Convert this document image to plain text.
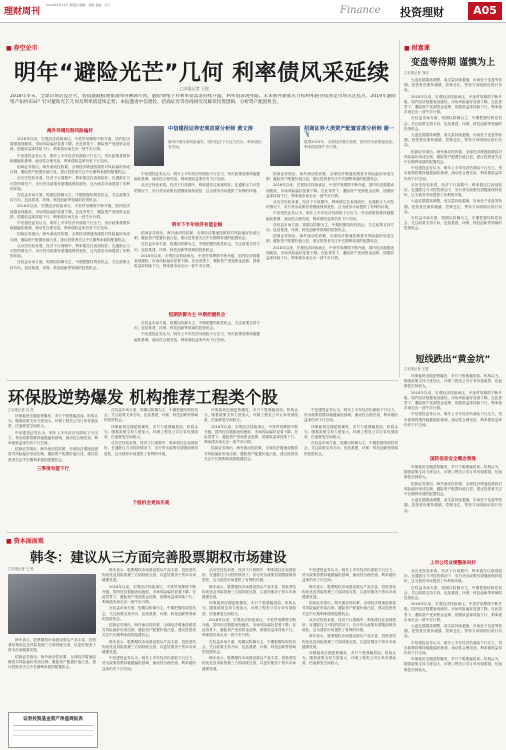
理财周刊
2018年6月14日 星期四 编辑：刘娟 美编：马万	Finance 投资理财	A05
■ 券空论市
明年“避险光芒”几何 利率债风采延续
□本报记者 王锐
2018年岁末，全球市场话没过火，股债跷跷板现象演绎得淋漓尽致。避险情绪下对利率债需求持续升温，利率债表现亮眼。未来海外通胀压力和利率路径依然是市场关注焦点，2019年避险资产如何布局？针对避险光芒几何及利率债延续走势，本报邀请中信建投、招商证券等券商研究员解读投资逻辑，分析资产配置机会。
海外环境压制风险偏好

2018年以来，宏观经济持续承压，中美贸易摩擦不断升级，国内经济数据表现疲软，市场风险偏好显著下降。在此背景下，避险资产受到资金追捧，国债收益率持续下行，利率债市场走出一波牛市行情。

中信建投证券认为，明年上半年经济仍面临下行压力，货币政策将维持稳健偏松基调，流动性合理充裕，利率债收益率仍有下行空间。

招商证券指出，海外流动性收紧、全球经济增速放缓将对风险偏好形成压制，避险资产配置价值凸显，建议投资者关注中长期利率债的配置机会。

从历史经验来看，经济下行周期中，利率债往往表现较好。在通胀压力可控的情况下，央行货币政策有望继续保持宽松，这为债券市场提供了有利的环境。

在权益市场方面，短期以防御为主，中期把握结构性机会，关注政策支持方向，包括基建、环保、科技创新等领域的投资机会。

2018年以来，宏观经济持续承压，中美贸易摩擦不断升级，国内经济数据表现疲软，市场风险偏好显著下降。在此背景下，避险资产受到资金追捧，国债收益率持续下行，利率债市场走出一波牛市行情。

中信建投证券认为，明年上半年经济仍面临下行压力，货币政策将维持稳健偏松基调，流动性合理充裕，利率债收益率仍有下行空间。

招商证券指出，海外流动性收紧、全球经济增速放缓将对风险偏好形成压制，避险资产配置价值凸显，建议投资者关注中长期利率债的配置机会。

从历史经验来看，经济下行周期中，利率债往往表现较好。在通胀压力可控的情况下，央行货币政策有望继续保持宽松，这为债券市场提供了有利的环境。

在权益市场方面，短期以防御为主，中期把握结构性机会，关注政策支持方向，包括基建、环保、科技创新等领域的投资机会。

中信建投证券宏观首席分析师 黄文涛
海外环境压制风险偏好，国内经济下行压力仍存，利率债仍有空间。
招商证券大类资产配置首席分析师 谢一飞
展望2019年，全球经济增长放缓，国内货币政策偏宽松，利率债延续牛市行情。

中信建投证券认为，明年上半年经济仍面临下行压力，货币政策将维持稳健偏松基调，流动性合理充裕，利率债收益率仍有下行空间。

从历史经验来看，经济下行周期中，利率债往往表现较好。在通胀压力可控的情况下，央行货币政策有望继续保持宽松，这为债券市场提供了有利的环境。

明年下半年经济有望企稳

招商证券指出，海外流动性收紧、全球经济增速放缓将对风险偏好形成压制，避险资产配置价值凸显，建议投资者关注中长期利率债的配置机会。

在权益市场方面，短期以防御为主，中期把握结构性机会，关注政策支持方向，包括基建、环保、科技创新等领域的投资机会。

2018年以来，宏观经济持续承压，中美贸易摩擦不断升级，国内经济数据表现疲软，市场风险偏好显著下降。在此背景下，避险资产受到资金追捧，国债收益率持续下行，利率债市场走出一波牛市行情。

短期防御为主 中期把握机会

在权益市场方面，短期以防御为主，中期把握结构性机会，关注政策支持方向，包括基建、环保、科技创新等领域的投资机会。

中信建投证券认为，明年上半年经济仍面临下行压力，货币政策将维持稳健偏松基调，流动性合理充裕，利率债收益率仍有下行空间。

招商证券指出，海外流动性收紧、全球经济增速放缓将对风险偏好形成压制，避险资产配置价值凸显，建议投资者关注中长期利率债的配置机会。

2018年以来，宏观经济持续承压，中美贸易摩擦不断升级，国内经济数据表现疲软，市场风险偏好显著下降。在此背景下，避险资产受到资金追捧，国债收益率持续下行，利率债市场走出一波牛市行情。

从历史经验来看，经济下行周期中，利率债往往表现较好。在通胀压力可控的情况下，央行货币政策有望继续保持宽松，这为债券市场提供了有利的环境。

中信建投证券认为，明年上半年经济仍面临下行压力，货币政策将维持稳健偏松基调，流动性合理充裕，利率债收益率仍有下行空间。

在权益市场方面，短期以防御为主，中期把握结构性机会，关注政策支持方向，包括基建、环保、科技创新等领域的投资机会。

招商证券指出，海外流动性收紧、全球经济增速放缓将对风险偏好形成压制，避险资产配置价值凸显，建议投资者关注中长期利率债的配置机会。

2018年以来，宏观经济持续承压，中美贸易摩擦不断升级，国内经济数据表现疲软，市场风险偏好显著下降。在此背景下，避险资产受到资金追捧，国债收益率持续下行，利率债市场走出一波牛市行情。

■ 财富课
变盘等待期 谨慎为上
□本报记者 刘佳

大盘近期震荡调整，成交量持续萎缩，市场处于变盘等待期。投资者宜保持谨慎，控制仓位，等待方向明朗后再行布局。

2018年以来，宏观经济持续承压，中美贸易摩擦不断升级，国内经济数据表现疲软，市场风险偏好显著下降。在此背景下，避险资产受到资金追捧，国债收益率持续下行，利率债市场走出一波牛市行情。

在权益市场方面，短期以防御为主，中期把握结构性机会，关注政策支持方向，包括基建、环保、科技创新等领域的投资机会。

大盘近期震荡调整，成交量持续萎缩，市场处于变盘等待期。投资者宜保持谨慎，控制仓位，等待方向明朗后再行布局。

招商证券指出，海外流动性收紧、全球经济增速放缓将对风险偏好形成压制，避险资产配置价值凸显，建议投资者关注中长期利率债的配置机会。

中信建投证券认为，明年上半年经济仍面临下行压力，货币政策将维持稳健偏松基调，流动性合理充裕，利率债收益率仍有下行空间。

从历史经验来看，经济下行周期中，利率债往往表现较好。在通胀压力可控的情况下，央行货币政策有望继续保持宽松，这为债券市场提供了有利的环境。

大盘近期震荡调整，成交量持续萎缩，市场处于变盘等待期。投资者宜保持谨慎，控制仓位，等待方向明朗后再行布局。

在权益市场方面，短期以防御为主，中期把握结构性机会，关注政策支持方向，包括基建、环保、科技创新等领域的投资机会。

短线跌出“黄金坑”
□本报记者 王锐

环保板块近期逆势爆发，多只个股涨幅居前。机构认为，随着政策支持力度加大，环保工程类公司订单有望改善，估值修复空间较大。

2018年以来，宏观经济持续承压，中美贸易摩擦不断升级，国内经济数据表现疲软，市场风险偏好显著下降。在此背景下，避险资产受到资金追捧，国债收益率持续下行，利率债市场走出一波牛市行情。

中信建投证券认为，明年上半年经济仍面临下行压力，货币政策将维持稳健偏松基调，流动性合理充裕，利率债收益率仍有下行空间。

国防信息安全概念领涨

环保板块近期逆势爆发，多只个股涨幅居前。机构认为，随着政策支持力度加大，环保工程类公司订单有望改善，估值修复空间较大。

招商证券指出，海外流动性收紧、全球经济增速放缓将对风险偏好形成压制，避险资产配置价值凸显，建议投资者关注中长期利率债的配置机会。

大盘近期震荡调整，成交量持续萎缩，市场处于变盘等待期。投资者宜保持谨慎，控制仓位，等待方向明朗后再行布局。

上市公司业绩整体向好

从历史经验来看，经济下行周期中，利率债往往表现较好。在通胀压力可控的情况下，央行货币政策有望继续保持宽松，这为债券市场提供了有利的环境。

在权益市场方面，短期以防御为主，中期把握结构性机会，关注政策支持方向，包括基建、环保、科技创新等领域的投资机会。

2018年以来，宏观经济持续承压，中美贸易摩擦不断升级，国内经济数据表现疲软，市场风险偏好显著下降。在此背景下，避险资产受到资金追捧，国债收益率持续下行，利率债市场走出一波牛市行情。

大盘近期震荡调整，成交量持续萎缩，市场处于变盘等待期。投资者宜保持谨慎，控制仓位，等待方向明朗后再行布局。

中信建投证券认为，明年上半年经济仍面临下行压力，货币政策将维持稳健偏松基调，流动性合理充裕，利率债收益率仍有下行空间。

环保板块近期逆势爆发，多只个股涨幅居前。机构认为，随着政策支持力度加大，环保工程类公司订单有望改善，估值修复空间较大。

环保股逆势爆发 机构推荐工程类个股
□本报记者 沈 梓

环保板块近期逆势爆发，多只个股涨幅居前。机构认为，随着政策支持力度加大，环保工程类公司订单有望改善，估值修复空间较大。

中信建投证券认为，明年上半年经济仍面临下行压力，货币政策将维持稳健偏松基调，流动性合理充裕，利率债收益率仍有下行空间。

招商证券指出，海外流动性收紧、全球经济增速放缓将对风险偏好形成压制，避险资产配置价值凸显，建议投资者关注中长期利率债的配置机会。

三季度有望下行

在权益市场方面，短期以防御为主，中期把握结构性机会，关注政策支持方向，包括基建、环保、科技创新等领域的投资机会。

环保板块近期逆势爆发，多只个股涨幅居前。机构认为，随着政策支持力度加大，环保工程类公司订单有望改善，估值修复空间较大。

从历史经验来看，经济下行周期中，利率债往往表现较好。在通胀压力可控的情况下，央行货币政策有望继续保持宽松，这为债券市场提供了有利的环境。

个股机会更加乐观

环保板块近期逆势爆发，多只个股涨幅居前。机构认为，随着政策支持力度加大，环保工程类公司订单有望改善，估值修复空间较大。

2018年以来，宏观经济持续承压，中美贸易摩擦不断升级，国内经济数据表现疲软，市场风险偏好显著下降。在此背景下，避险资产受到资金追捧，国债收益率持续下行，利率债市场走出一波牛市行情。

招商证券指出，海外流动性收紧、全球经济增速放缓将对风险偏好形成压制，避险资产配置价值凸显，建议投资者关注中长期利率债的配置机会。

中信建投证券认为，明年上半年经济仍面临下行压力，货币政策将维持稳健偏松基调，流动性合理充裕，利率债收益率仍有下行空间。

环保板块近期逆势爆发，多只个股涨幅居前。机构认为，随着政策支持力度加大，环保工程类公司订单有望改善，估值修复空间较大。

在权益市场方面，短期以防御为主，中期把握结构性机会，关注政策支持方向，包括基建、环保、科技创新等领域的投资机会。

■ 资本面面观
韩冬：建议从三方面完善股票期权市场建设
□本报记者 王 锐

韩冬表示，股票期权市场建设需从产品丰富、投资者结构优化及风险管理三方面持续完善，以更好服务于资本市场健康发展。

招商证券指出，海外流动性收紧、全球经济增速放缓将对风险偏好形成压制，避险资产配置价值凸显，建议投资者关注中长期利率债的配置机会。

证券投资基金资产净值周报表

韩冬表示，股票期权市场建设需从产品丰富、投资者结构优化及风险管理三方面持续完善，以更好服务于资本市场健康发展。

2018年以来，宏观经济持续承压，中美贸易摩擦不断升级，国内经济数据表现疲软，市场风险偏好显著下降。在此背景下，避险资产受到资金追捧，国债收益率持续下行，利率债市场走出一波牛市行情。

在权益市场方面，短期以防御为主，中期把握结构性机会，关注政策支持方向，包括基建、环保、科技创新等领域的投资机会。

招商证券指出，海外流动性收紧、全球经济增速放缓将对风险偏好形成压制，避险资产配置价值凸显，建议投资者关注中长期利率债的配置机会。

韩冬表示，股票期权市场建设需从产品丰富、投资者结构优化及风险管理三方面持续完善，以更好服务于资本市场健康发展。

中信建投证券认为，明年上半年经济仍面临下行压力，货币政策将维持稳健偏松基调，流动性合理充裕，利率债收益率仍有下行空间。

从历史经验来看，经济下行周期中，利率债往往表现较好。在通胀压力可控的情况下，央行货币政策有望继续保持宽松，这为债券市场提供了有利的环境。

韩冬表示，股票期权市场建设需从产品丰富、投资者结构优化及风险管理三方面持续完善，以更好服务于资本市场健康发展。

环保板块近期逆势爆发，多只个股涨幅居前。机构认为，随着政策支持力度加大，环保工程类公司订单有望改善，估值修复空间较大。

2018年以来，宏观经济持续承压，中美贸易摩擦不断升级，国内经济数据表现疲软，市场风险偏好显著下降。在此背景下，避险资产受到资金追捧，国债收益率持续下行，利率债市场走出一波牛市行情。

在权益市场方面，短期以防御为主，中期把握结构性机会，关注政策支持方向，包括基建、环保、科技创新等领域的投资机会。

韩冬表示，股票期权市场建设需从产品丰富、投资者结构优化及风险管理三方面持续完善，以更好服务于资本市场健康发展。

中信建投证券认为，明年上半年经济仍面临下行压力，货币政策将维持稳健偏松基调，流动性合理充裕，利率债收益率仍有下行空间。

韩冬表示，股票期权市场建设需从产品丰富、投资者结构优化及风险管理三方面持续完善，以更好服务于资本市场健康发展。

招商证券指出，海外流动性收紧、全球经济增速放缓将对风险偏好形成压制，避险资产配置价值凸显，建议投资者关注中长期利率债的配置机会。

从历史经验来看，经济下行周期中，利率债往往表现较好。在通胀压力可控的情况下，央行货币政策有望继续保持宽松，这为债券市场提供了有利的环境。

韩冬表示，股票期权市场建设需从产品丰富、投资者结构优化及风险管理三方面持续完善，以更好服务于资本市场健康发展。

环保板块近期逆势爆发，多只个股涨幅居前。机构认为，随着政策支持力度加大，环保工程类公司订单有望改善，估值修复空间较大。
